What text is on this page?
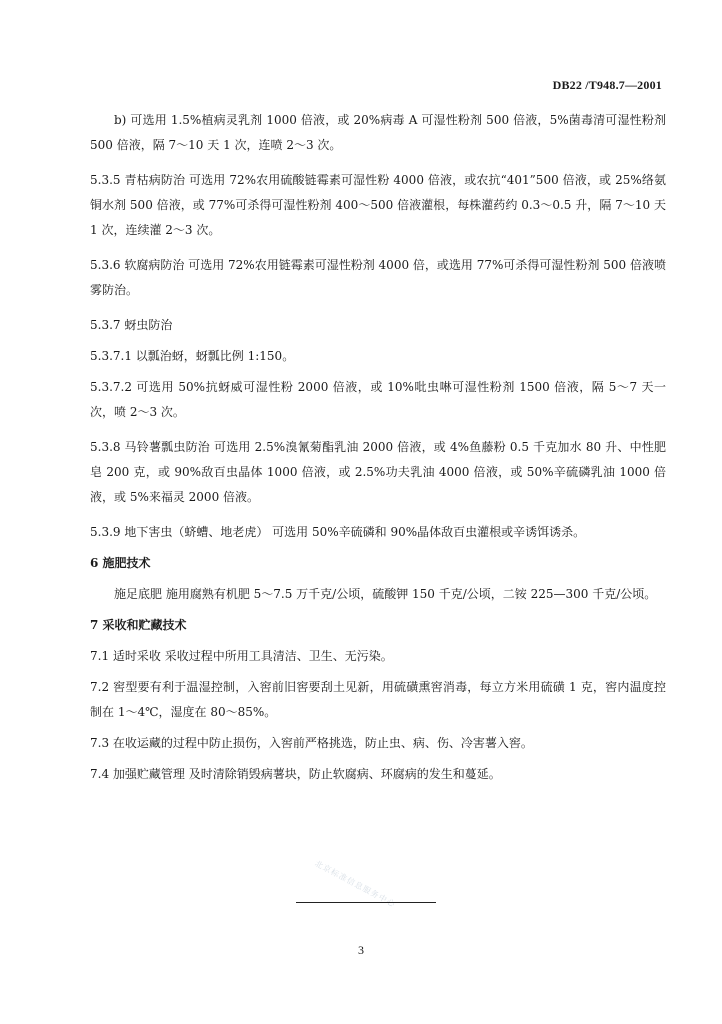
DB22 /T948.7—2001

b) 可选用 1.5%植病灵乳剂 1000 倍液，或 20%病毒 A 可湿性粉剂 500 倍液，5%菌毒清可湿性粉剂 500 倍液，隔 7～10 天 1 次，连喷 2～3 次。

5.3.5 青枯病防治 可选用 72%农用硫酸链霉素可湿性粉 4000 倍液，或农抗“401”500 倍液，或 25%络氨铜水剂 500 倍液，或 77%可杀得可湿性粉剂 400～500 倍液灌根，每株灌药约 0.3～0.5 升，隔 7～10 天 1 次，连续灌 2～3 次。

5.3.6 软腐病防治 可选用 72%农用链霉素可湿性粉剂 4000 倍，或选用 77%可杀得可湿性粉剂 500 倍液喷雾防治。

5.3.7 蚜虫防治

5.3.7.1 以瓢治蚜，蚜瓢比例 1:150。

5.3.7.2 可选用 50%抗蚜威可湿性粉 2000 倍液，或 10%吡虫啉可湿性粉剂 1500 倍液，隔 5～7 天一次，喷 2～3 次。

5.3.8 马铃薯瓢虫防治 可选用 2.5%溴氰菊酯乳油 2000 倍液，或 4%鱼藤粉 0.5 千克加水 80 升、中性肥皂 200 克，或 90%敌百虫晶体 1000 倍液，或 2.5%功夫乳油 4000 倍液，或 50%辛硫磷乳油 1000 倍液，或 5%来福灵 2000 倍液。

5.3.9 地下害虫（蛴螬、地老虎） 可选用 50%辛硫磷和 90%晶体敌百虫灌根或辛诱饵诱杀。

6 施肥技术

施足底肥 施用腐熟有机肥 5～7.5 万千克/公顷，硫酸钾 150 千克/公顷，二铵 225—300 千克/公顷。

7 采收和贮藏技术

7.1 适时采收 采收过程中所用工具清洁、卫生、无污染。

7.2 窖型要有利于温湿控制，入窖前旧窖要刮土见新，用硫磺熏窖消毒，每立方米用硫磺 1 克，窖内温度控制在 1～4℃，湿度在 80～85%。

7.3 在收运藏的过程中防止损伤，入窖前严格挑选，防止虫、病、伤、冷害薯入窖。

7.4 加强贮藏管理 及时清除销毁病薯块，防止软腐病、环腐病的发生和蔓延。

北京标准信息服务中心
3
